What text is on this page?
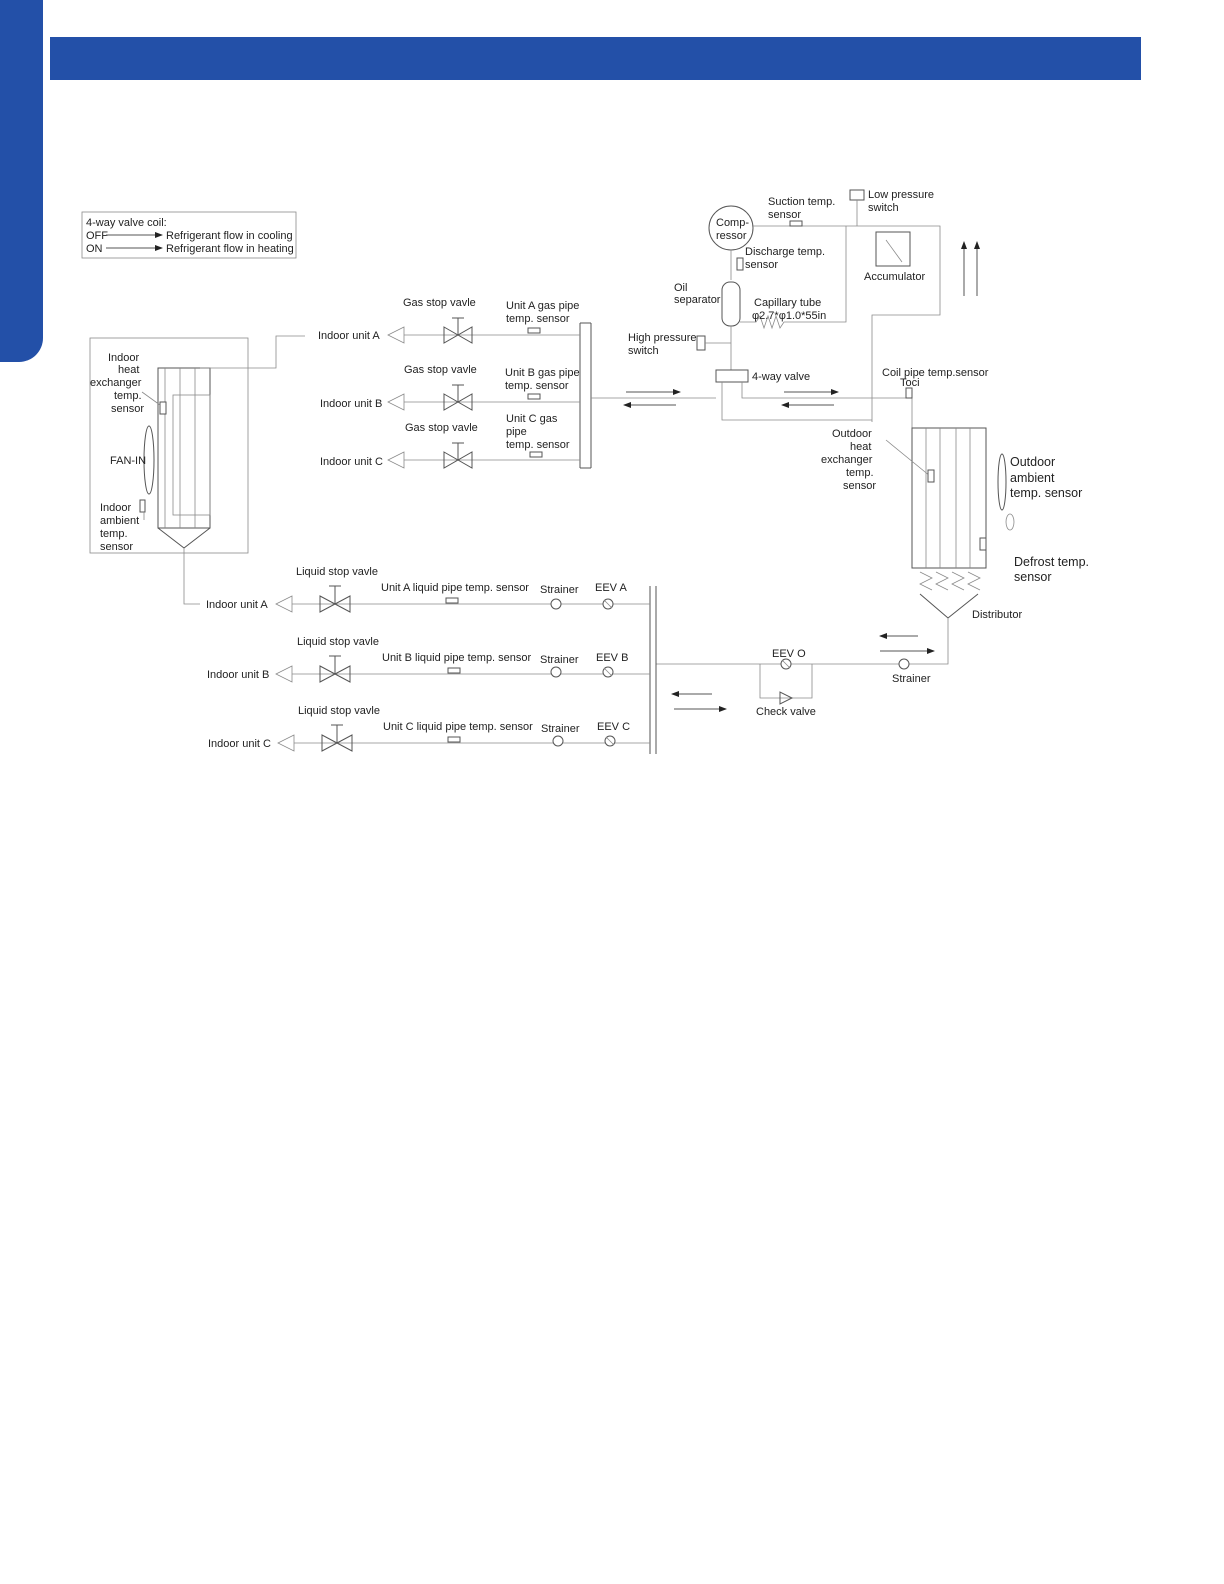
4-way valve coil:
OFF	Refrigerant flow in cooling
ON	Refrigerant flow in heating
Indoor
heat
exchanger
temp.
sensor
FAN-IN
Indoor
ambient
temp.
sensor
Indoor unit A
Gas stop vavle	Unit A gas pipe
temp. sensor
Indoor unit B
Gas stop vavle	Unit B gas pipe
temp. sensor
Indoor unit C
Gas stop vavle
Unit C gas
pipe
temp. sensor
Comp-
ressor
Suction temp.
sensor
Low pressure
switch
Accumulator
Discharge temp.
sensor
Oil
separator	Capillary tube
φ2.7*φ1.0*55in
High pressure
switch
4-way valve	Coil pipe temp.sensor
Toci
Outdoor
heat
exchanger
temp.
sensor
Outdoor
ambient
temp. sensor
Defrost temp.
sensor
Distributor
EEV O
Strainer
Check valve
Indoor unit A
Liquid stop vavle
Unit A liquid pipe temp. sensor Strainer EEV A
Indoor unit B
Liquid stop vavle
Unit B liquid pipe temp. sensor Strainer EEV B
Indoor unit C
Liquid stop vavle
Unit C liquid pipe temp. sensor Strainer EEV C
